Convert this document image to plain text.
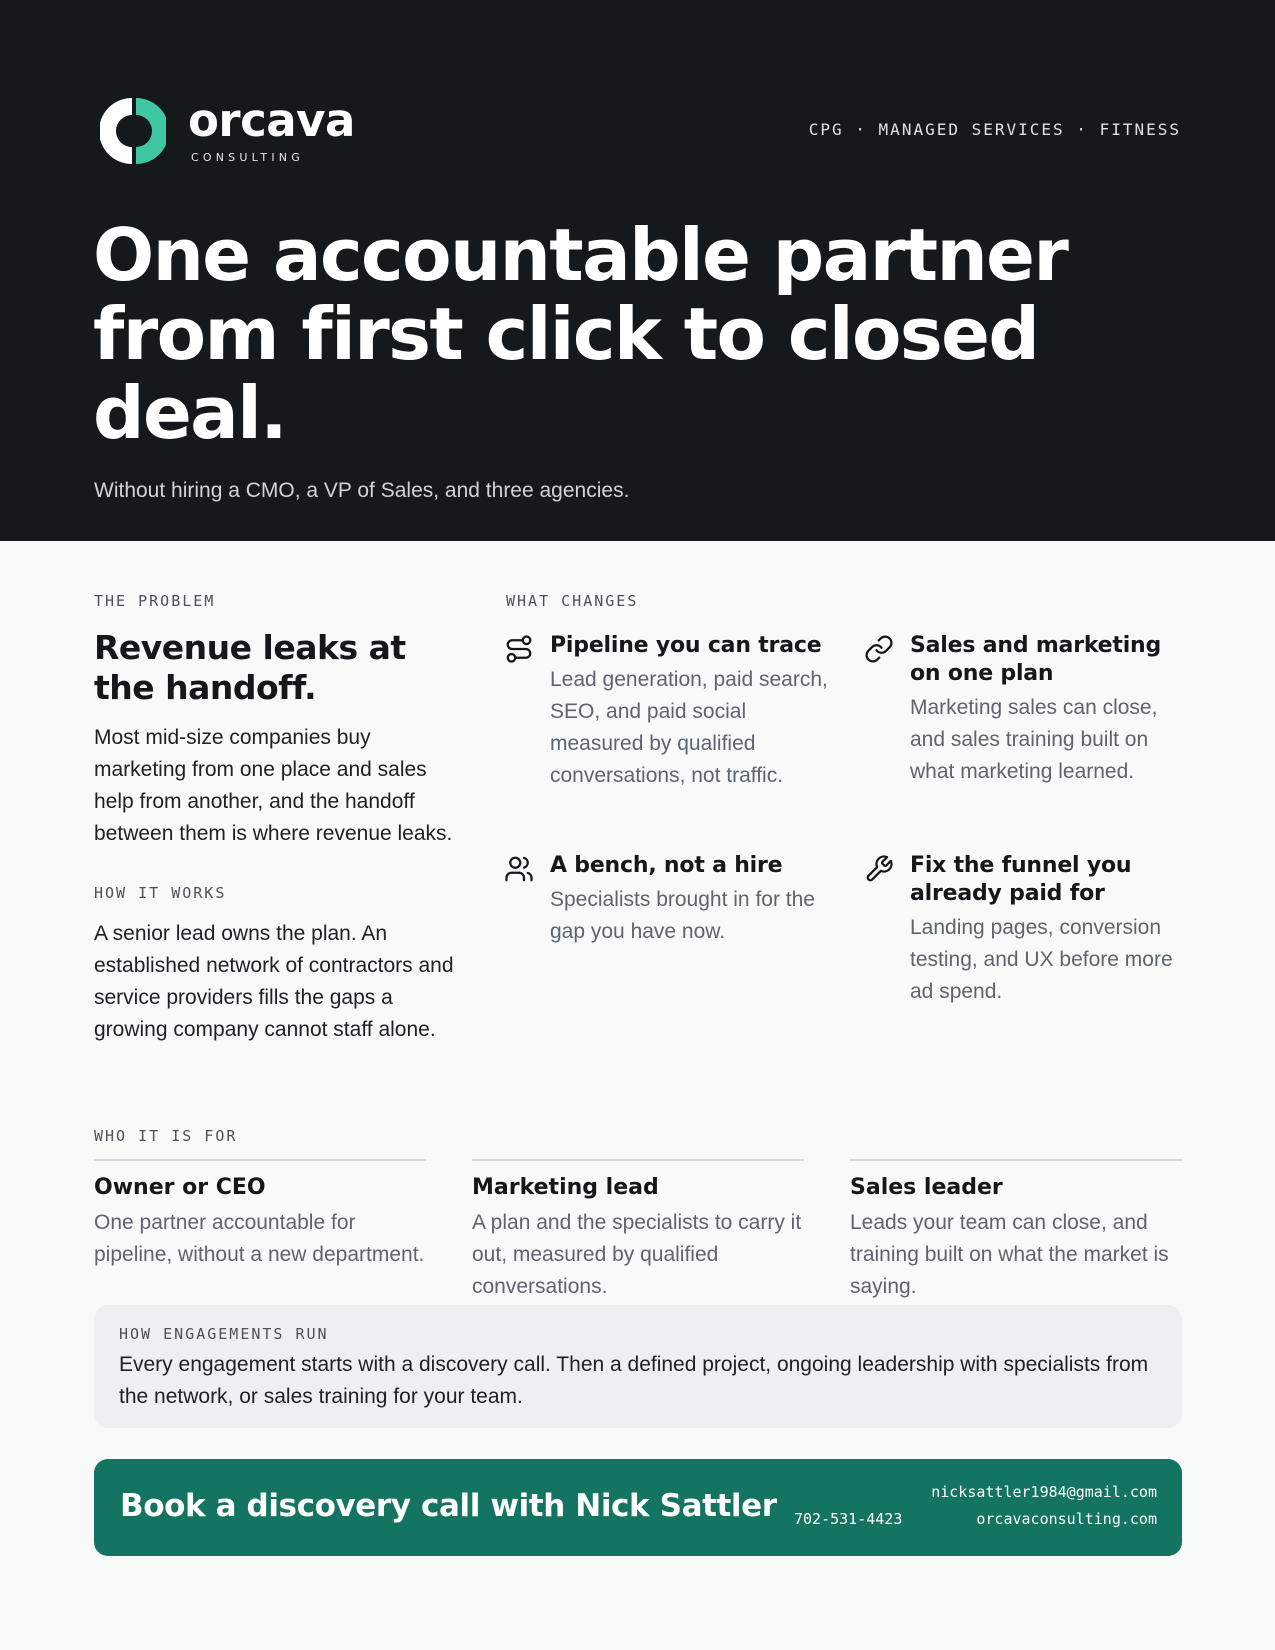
orcava
CONSULTING
CPG · MANAGED SERVICES · FITNESS
One accountable partner from first click to closed deal.
Without hiring a CMO, a VP of Sales, and three agencies.
THE PROBLEM
Revenue leaks at the handoff.

Most mid-size companies buy marketing from one place and sales help from another, and the handoff between them is where revenue leaks.

HOW IT WORKS

A senior lead owns the plan. An established network of contractors and service providers fills the gaps a growing company cannot staff alone.

WHAT CHANGES
Pipeline you can trace
Lead generation, paid search, SEO, and paid social measured by qualified conversations, not traffic.
Sales and marketing on one plan
Marketing sales can close, and sales training built on what marketing learned.
A bench, not a hire
Specialists brought in for the gap you have now.
Fix the funnel you already paid for
Landing pages, conversion testing, and UX before more ad spend.
WHO IT IS FOR
Owner or CEO
One partner accountable for pipeline, without a new department.
Marketing lead
A plan and the specialists to carry it out, measured by qualified conversations.
Sales leader
Leads your team can close, and training built on what the market is saying.
HOW ENGAGEMENTS RUN
Every engagement starts with a discovery call. Then a defined project, ongoing leadership with specialists from the network, or sales training for your team.
Book a discovery call with Nick Sattler	nicksattler1984@gmail.com
702-531-4423	orcavaconsulting.com
